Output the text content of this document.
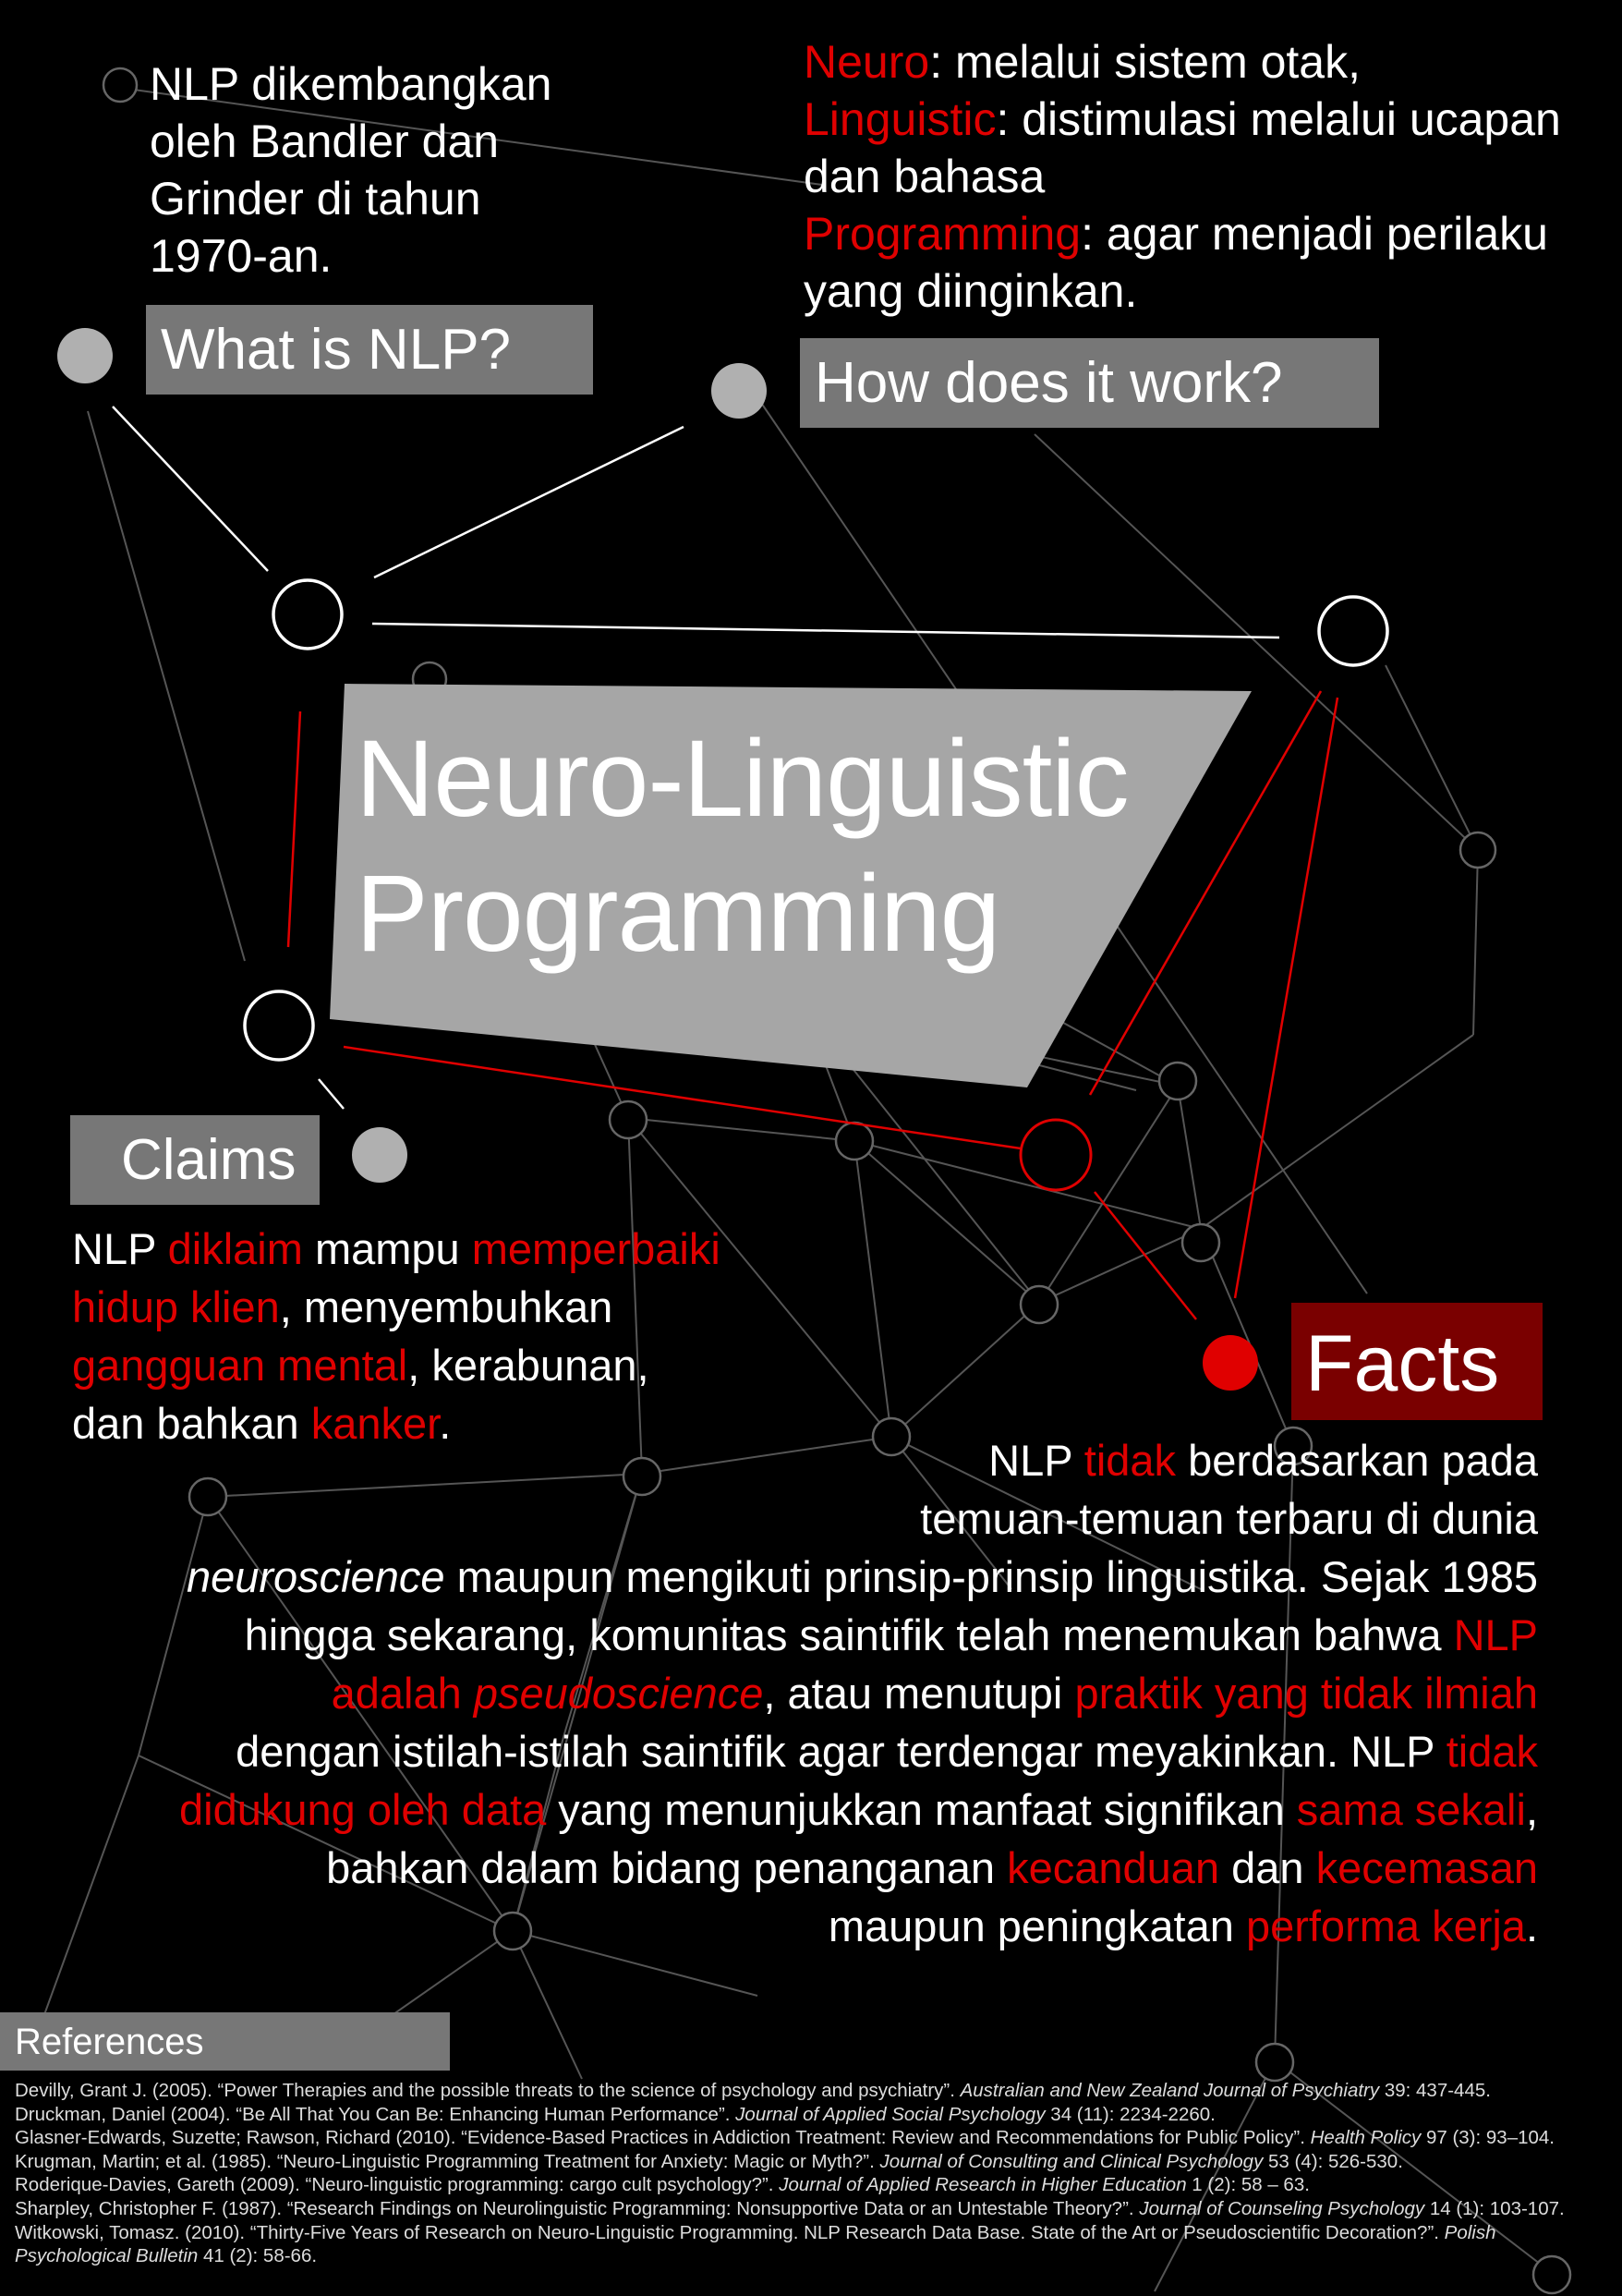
Neuro-Linguistic
Programming
NLP dikembangkan
oleh Bandler dan
Grinder di tahun
1970-an.
What is NLP?
Neuro: melalui sistem otak,
Linguistic: distimulasi melalui ucapan
dan bahasa
Programming: agar menjadi perilaku
yang diinginkan.
How does it work?
Claims
NLP diklaim mampu memperbaiki
hidup klien, menyembuhkan
gangguan mental, kerabunan,
dan bahkan kanker.
Facts
NLP tidak berdasarkan pada
temuan-temuan terbaru di dunia
neuroscience maupun mengikuti prinsip-prinsip linguistika. Sejak 1985
hingga sekarang, komunitas saintifik telah menemukan bahwa NLP
adalah pseudoscience, atau menutupi praktik yang tidak ilmiah
dengan istilah-istilah saintifik agar terdengar meyakinkan. NLP tidak
didukung oleh data yang menunjukkan manfaat signifikan sama sekali,
bahkan dalam bidang penanganan kecanduan dan kecemasan
maupun peningkatan performa kerja.
References
Devilly, Grant J. (2005). “Power Therapies and the possible threats to the science of psychology and psychiatry”. Australian and New Zealand Journal of Psychiatry 39: 437-445.
Druckman, Daniel (2004). “Be All That You Can Be: Enhancing Human Performance”. Journal of Applied Social Psychology 34 (11): 2234-2260.
Glasner-Edwards, Suzette; Rawson, Richard (2010). “Evidence-Based Practices in Addiction Treatment: Review and Recommendations for Public Policy”. Health Policy 97 (3): 93–104.
Krugman, Martin; et al. (1985). “Neuro-Linguistic Programming Treatment for Anxiety: Magic or Myth?”. Journal of Consulting and Clinical Psychology 53 (4): 526-530.
Roderique-Davies, Gareth (2009). “Neuro-linguistic programming: cargo cult psychology?”. Journal of Applied Research in Higher Education 1 (2): 58 – 63.
Sharpley, Christopher F. (1987). “Research Findings on Neurolinguistic Programming: Nonsupportive Data or an Untestable Theory?”. Journal of Counseling Psychology 14 (1): 103-107.
Witkowski, Tomasz. (2010). “Thirty-Five Years of Research on Neuro-Linguistic Programming. NLP Research Data Base. State of the Art or Pseudoscientific Decoration?”. Polish
Psychological Bulletin 41 (2): 58-66.
